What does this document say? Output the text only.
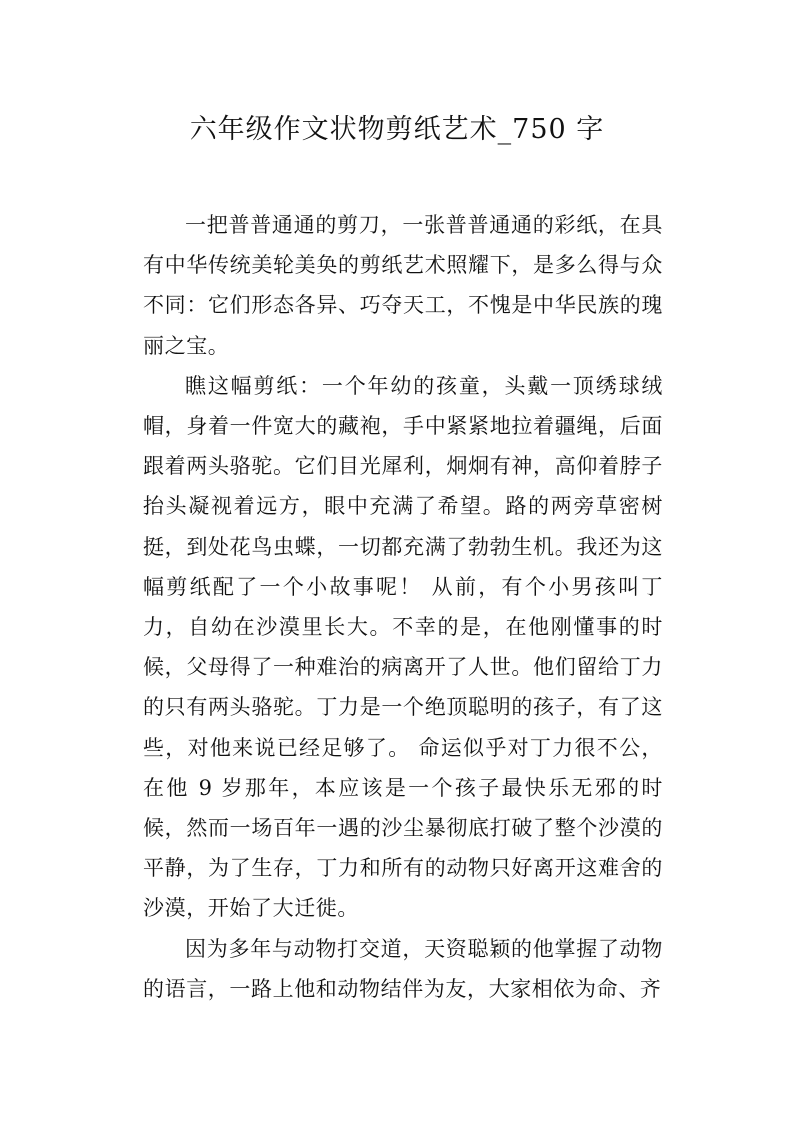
六年级作文状物剪纸艺术_750 字

一把普普通通的剪刀，一张普普通通的彩纸，在具有中华传统美轮美奂的剪纸艺术照耀下，是多么得与众不同：它们形态各异、巧夺天工，不愧是中华民族的瑰丽之宝。

瞧这幅剪纸：一个年幼的孩童，头戴一顶绣球绒帽，身着一件宽大的藏袍，手中紧紧地拉着疆绳，后面跟着两头骆驼。它们目光犀利，炯炯有神，高仰着脖子抬头凝视着远方，眼中充满了希望。路的两旁草密树挺，到处花鸟虫蝶，一切都充满了勃勃生机。我还为这幅剪纸配了一个小故事呢！ 从前，有个小男孩叫丁力，自幼在沙漠里长大。不幸的是，在他刚懂事的时候，父母得了一种难治的病离开了人世。他们留给丁力的只有两头骆驼。丁力是一个绝顶聪明的孩子，有了这些，对他来说已经足够了。 命运似乎对丁力很不公，在他 9 岁那年，本应该是一个孩子最快乐无邪的时候，然而一场百年一遇的沙尘暴彻底打破了整个沙漠的平静，为了生存，丁力和所有的动物只好离开这难舍的沙漠，开始了大迁徙。

因为多年与动物打交道，天资聪颖的他掌握了动物的语言，一路上他和动物结伴为友，大家相依为命、齐
